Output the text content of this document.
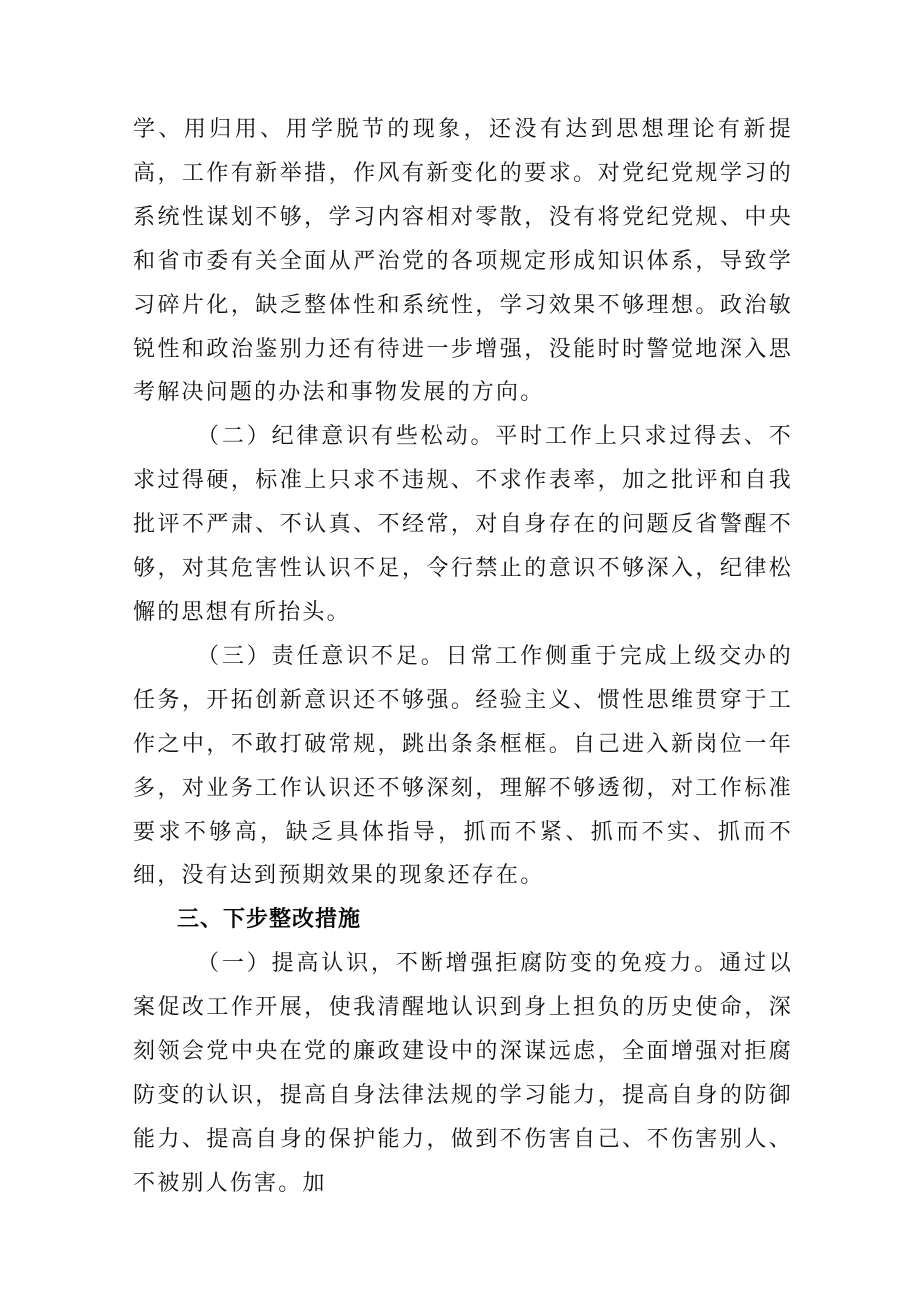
学、用归用、用学脱节的现象，还没有达到思想理论有新提高，工作有新举措，作风有新变化的要求。对党纪党规学习的系统性谋划不够，学习内容相对零散，没有将党纪党规、中央和省市委有关全面从严治党的各项规定形成知识体系，导致学习碎片化，缺乏整体性和系统性，学习效果不够理想。政治敏锐性和政治鉴别力还有待进一步增强，没能时时警觉地深入思考解决问题的办法和事物发展的方向。

（二）纪律意识有些松动。平时工作上只求过得去、不求过得硬，标准上只求不违规、不求作表率，加之批评和自我批评不严肃、不认真、不经常，对自身存在的问题反省警醒不够，对其危害性认识不足，令行禁止的意识不够深入，纪律松懈的思想有所抬头。

（三）责任意识不足。日常工作侧重于完成上级交办的任务，开拓创新意识还不够强。经验主义、惯性思维贯穿于工作之中，不敢打破常规，跳出条条框框。自己进入新岗位一年多，对业务工作认识还不够深刻，理解不够透彻，对工作标准要求不够高，缺乏具体指导，抓而不紧、抓而不实、抓而不细，没有达到预期效果的现象还存在。

三、下步整改措施

（一）提高认识，不断增强拒腐防变的免疫力。通过以案促改工作开展，使我清醒地认识到身上担负的历史使命，深刻领会党中央在党的廉政建设中的深谋远虑，全面增强对拒腐防变的认识，提高自身法律法规的学习能力，提高自身的防御能力、提高自身的保护能力，做到不伤害自己、不伤害别人、不被别人伤害。加
